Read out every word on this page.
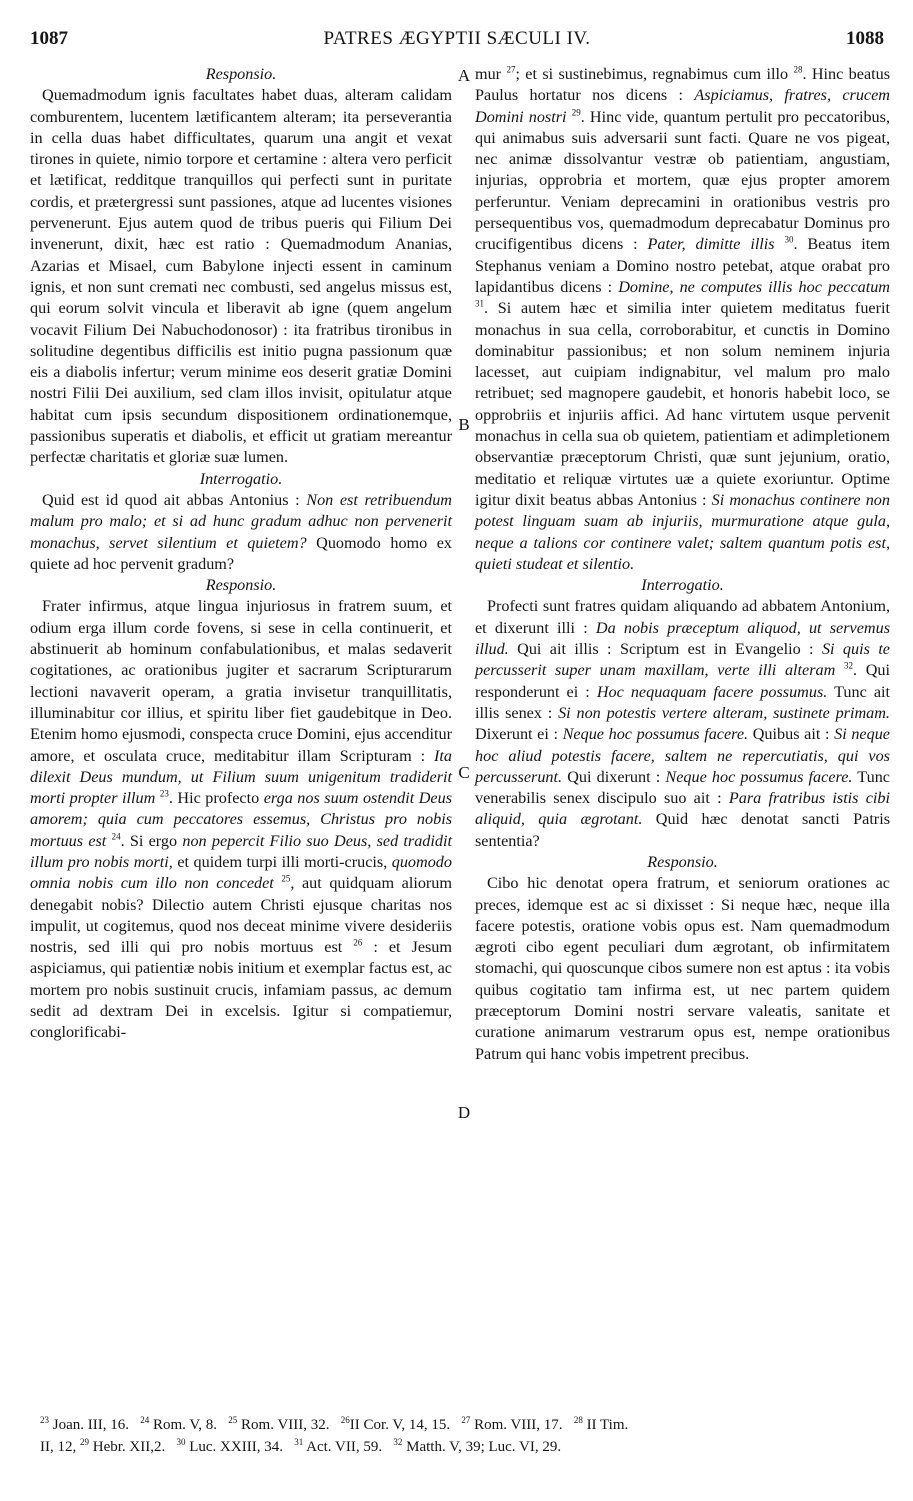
1087	PATRES ÆGYPTII SÆCULI IV.	1088
A
B
C
D

Responsio.

Quemadmodum ignis facultates habet duas, alteram calidam comburentem, lucentem lætificantem alteram; ita perseverantia in cella duas habet difficultates, quarum una angit et vexat tirones in quiete, nimio torpore et certamine : altera vero perficit et lætificat, redditque tranquillos qui perfecti sunt in puritate cordis, et prætergressi sunt passiones, atque ad lucentes visiones pervenerunt. Ejus autem quod de tribus pueris qui Filium Dei invenerunt, dixit, hæc est ratio : Quemadmodum Ananias, Azarias et Misael, cum Babylone injecti essent in caminum ignis, et non sunt cremati nec combusti, sed angelus missus est, qui eorum solvit vincula et liberavit ab igne (quem angelum vocavit Filium Dei Nabuchodonosor) : ita fratribus tironibus in solitudine degentibus difficilis est initio pugna passionum quæ eis a diabolis infertur; verum minime eos deserit gratiæ Domini nostri Filii Dei auxilium, sed clam illos invisit, opitulatur atque habitat cum ipsis secundum dispositionem ordinationemque, passionibus superatis et diabolis, et efficit ut gratiam mereantur perfectæ charitatis et gloriæ suæ lumen.

Interrogatio.

Quid est id quod ait abbas Antonius : Non est retribuendum malum pro malo; et si ad hunc gradum adhuc non pervenerit monachus, servet silentium et quietem? Quomodo homo ex quiete ad hoc pervenit gradum?

Responsio.

Frater infirmus, atque lingua injuriosus in fratrem suum, et odium erga illum corde fovens, si sese in cella continuerit, et abstinuerit ab hominum confabulationibus, et malas sedaverit cogitationes, ac orationibus jugiter et sacrarum Scripturarum lectioni navaverit operam, a gratia invisetur tranquillitatis, illuminabitur cor illius, et spiritu liber fiet gaudebitque in Deo. Etenim homo ejusmodi, conspecta cruce Domini, ejus accenditur amore, et osculata cruce, meditabitur illam Scripturam : Ita dilexit Deus mundum, ut Filium suum unigenitum tradiderit morti propter illum $^{23}$. Hic profecto erga nos suum ostendit Deus amorem; quia cum peccatores essemus, Christus pro nobis mortuus est $^{24}$. Si ergo non pepercit Filio suo Deus, sed tradidit illum pro nobis morti, et quidem turpi illi morti-crucis, quomodo omnia nobis cum illo non concedet $^{25}$, aut quidquam aliorum denegabit nobis? Dilectio autem Christi ejusque charitas nos impulit, ut cogitemus, quod nos deceat minime vivere desideriis nostris, sed illi qui pro nobis mortuus est $^{26}$ : et Jesum aspiciamus, qui patientiæ nobis initium et exemplar factus est, ac mortem pro nobis sustinuit crucis, infamiam passus, ac demum sedit ad dextram Dei in excelsis. Igitur si compatiemur, conglorificabi-

mur $^{27}$; et si sustinebimus, regnabimus cum illo $^{28}$. Hinc beatus Paulus hortatur nos dicens : Aspiciamus, fratres, crucem Domini nostri $^{29}$. Hinc vide, quantum pertulit pro peccatoribus, qui animabus suis adversarii sunt facti. Quare ne vos pigeat, nec animæ dissolvantur vestræ ob patientiam, angustiam, injurias, opprobria et mortem, quæ ejus propter amorem perferuntur. Veniam deprecamini in orationibus vestris pro persequentibus vos, quemadmodum deprecabatur Dominus pro crucifigentibus dicens : Pater, dimitte illis $^{30}$. Beatus item Stephanus veniam a Domino nostro petebat, atque orabat pro lapidantibus dicens : Domine, ne computes illis hoc peccatum $^{31}$. Si autem hæc et similia inter quietem meditatus fuerit monachus in sua cella, corroborabitur, et cunctis in Domino dominabitur passionibus; et non solum neminem injuria lacesset, aut cuipiam indignabitur, vel malum pro malo retribuet; sed magnopere gaudebit, et honoris habebit loco, se opprobriis et injuriis affici. Ad hanc virtutem usque pervenit monachus in cella sua ob quietem, patientiam et adimpletionem observantiæ præceptorum Christi, quæ sunt jejunium, oratio, meditatio et reliquæ virtutes uæ a quiete exoriuntur. Optime igitur dixit beatus abbas Antonius : Si monachus continere non potest linguam suam ab injuriis, murmuratione atque gula, neque a talions cor continere valet; saltem quantum potis est, quieti studeat et silentio.

Interrogatio.

Profecti sunt fratres quidam aliquando ad abbatem Antonium, et dixerunt illi : Da nobis præceptum aliquod, ut servemus illud. Qui ait illis : Scriptum est in Evangelio : Si quis te percusserit super unam maxillam, verte illi alteram $^{32}$. Qui responderunt ei : Hoc nequaquam facere possumus. Tunc ait illis senex : Si non potestis vertere alteram, sustinete primam. Dixerunt ei : Neque hoc possumus facere. Quibus ait : Si neque hoc aliud potestis facere, saltem ne repercutiatis, qui vos percusserunt. Qui dixerunt : Neque hoc possumus facere. Tunc venerabilis senex discipulo suo ait : Para fratribus istis cibi aliquid, quia ægrotant. Quid hæc denotat sancti Patris sententia?

Responsio.

Cibo hic denotat opera fratrum, et seniorum orationes ac preces, idemque est ac si dixisset : Si neque hæc, neque illa facere potestis, oratione vobis opus est. Nam quemadmodum ægroti cibo egent peculiari dum ægrotant, ob infirmitatem stomachi, qui quoscunque cibos sumere non est aptus : ita vobis quibus cogitatio tam infirma est, ut nec partem quidem præceptorum Domini nostri servare valeatis, sanitate et curatione animarum vestrarum opus est, nempe orationibus Patrum qui hanc vobis impetrent precibus.

$^{23}$ Joan. III, 16. $^{24}$ Rom. V, 8. $^{25}$ Rom. VIII, 32. $^{26}$II Cor. V, 14, 15. $^{27}$ Rom. VIII, 17. $^{28}$ II Tim.
II, 12, $^{29}$ Hebr. XII,2. $^{30}$ Luc. XXIII, 34. $^{31}$ Act. VII, 59. $^{32}$ Matth. V, 39; Luc. VI, 29.
